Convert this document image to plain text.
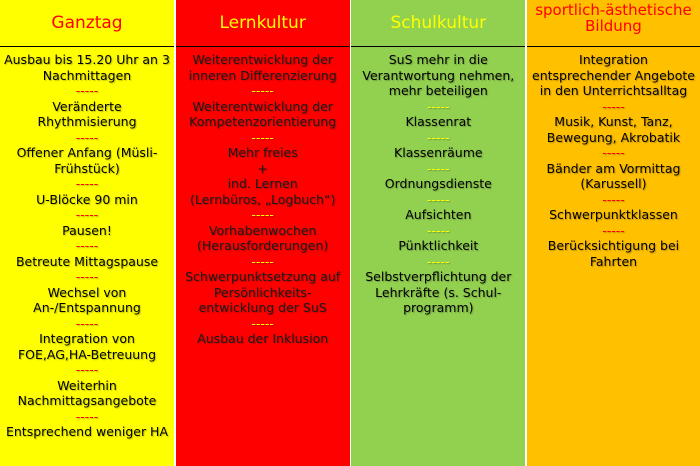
Ganztag
Ausbau bis 15.20 Uhr an 3 Nachmittagen
-----
Veränderte Rhythmisierung
-----
Offener Anfang (Müsli-Frühstück)
-----
U-Blöcke 90 min
-----
Pausen!
-----
Betreute Mittagspause
-----
Wechsel von An-/Entspannung
-----
Integration von FOE,AG,HA-Betreuung
-----
Weiterhin Nachmittagsangebote
-----
Entsprechend weniger HA
Lernkultur
Weiterentwicklung der inneren Differenzierung
-----
Weiterentwicklung der Kompetenzorientierung
-----
Mehr freies
+
ind. Lernen
(Lernbüros, „Logbuch“)
-----
Vorhabenwochen (Herausforderungen)
-----
Schwerpunktsetzung auf Persönlichkeits-entwicklung der SuS
-----
Ausbau der Inklusion
Schulkultur
SuS mehr in die Verantwortung nehmen, mehr beteiligen
-----
Klassenrat
-----
Klassenräume
-----
Ordnungsdienste
-----
Aufsichten
-----
Pünktlichkeit
-----
Selbstverpflichtung der Lehrkräfte (s. Schul-programm)
sportlich-ästhetische Bildung
Integration entsprechender Angebote in den Unterrichtsalltag
-----
Musik, Kunst, Tanz, Bewegung, Akrobatik
-----
Bänder am Vormittag (Karussell)
-----
Schwerpunktklassen
-----
Berücksichtigung bei Fahrten
